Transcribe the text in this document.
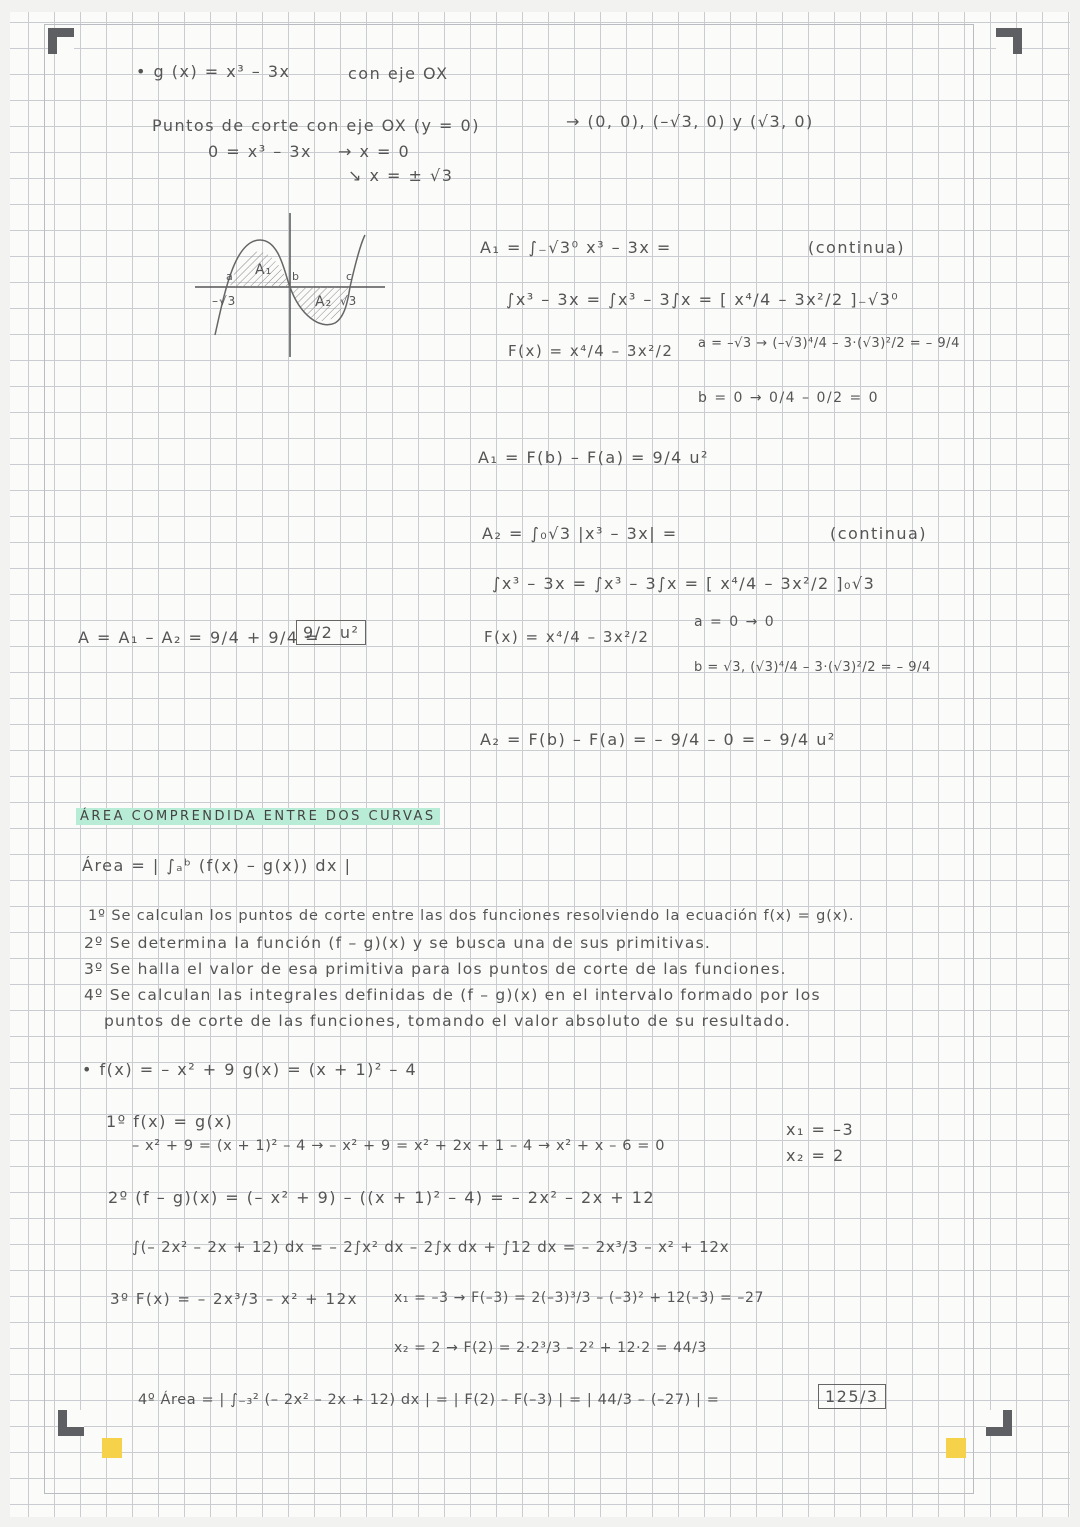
• g (x) = x³ – 3x	con eje OX
Puntos de corte con eje OX (y = 0)	→ (0, 0), (–√3, 0) y (√3, 0)
0 = x³ – 3x → x = 0
↘ x = ± √3
A₁
A₂
–√3	√3
a	b	c
A₁ = ∫₋√3⁰ x³ – 3x =	(continua)
∫x³ – 3x = ∫x³ – 3∫x = [ x⁴/4 – 3x²/2 ]₋√3⁰
F(x) = x⁴/4 – 3x²/2 a = –√3 → (–√3)⁴/4 – 3·(√3)²/2 = – 9/4
b = 0 → 0/4 – 0/2 = 0
A₁ = F(b) – F(a) = 9/4 u²
A₂ = ∫₀√3 |x³ – 3x| =	(continua)
∫x³ – 3x = ∫x³ – 3∫x = [ x⁴/4 – 3x²/2 ]₀√3
F(x) = x⁴/4 – 3x²/2
a = 0 → 0
b = √3, (√3)⁴/4 – 3·(√3)²/2 = – 9/4
A₂ = F(b) – F(a) = – 9/4 – 0 = – 9/4 u²
A = A₁ – A₂ = 9/4 + 9/4 =
9/2 u²
ÁREA COMPRENDIDA ENTRE DOS CURVAS
Área = | ∫ₐᵇ (f(x) – g(x)) dx |
1º Se calculan los puntos de corte entre las dos funciones resolviendo la ecuación f(x) = g(x).
2º Se determina la función (f – g)(x) y se busca una de sus primitivas.
3º Se halla el valor de esa primitiva para los puntos de corte de las funciones.
4º Se calculan las integrales definidas de (f – g)(x) en el intervalo formado por los
puntos de corte de las funciones, tomando el valor absoluto de su resultado.
• f(x) = – x² + 9 g(x) = (x + 1)² – 4
1º f(x) = g(x)
– x² + 9 = (x + 1)² – 4 → – x² + 9 = x² + 2x + 1 – 4 → x² + x – 6 = 0
x₁ = –3
x₂ = 2
2º (f – g)(x) = (– x² + 9) – ((x + 1)² – 4) = – 2x² – 2x + 12
∫(– 2x² – 2x + 12) dx = – 2∫x² dx – 2∫x dx + ∫12 dx = – 2x³/3 – x² + 12x
3º F(x) = – 2x³/3 – x² + 12x	x₁ = –3 → F(–3) = 2(–3)³/3 – (–3)² + 12(–3) = –27
x₂ = 2 → F(2) = 2·2³/3 – 2² + 12·2 = 44/3
4º Área = | ∫₋₃² (– 2x² – 2x + 12) dx | = | F(2) – F(–3) | = | 44/3 – (–27) | =	125/3
